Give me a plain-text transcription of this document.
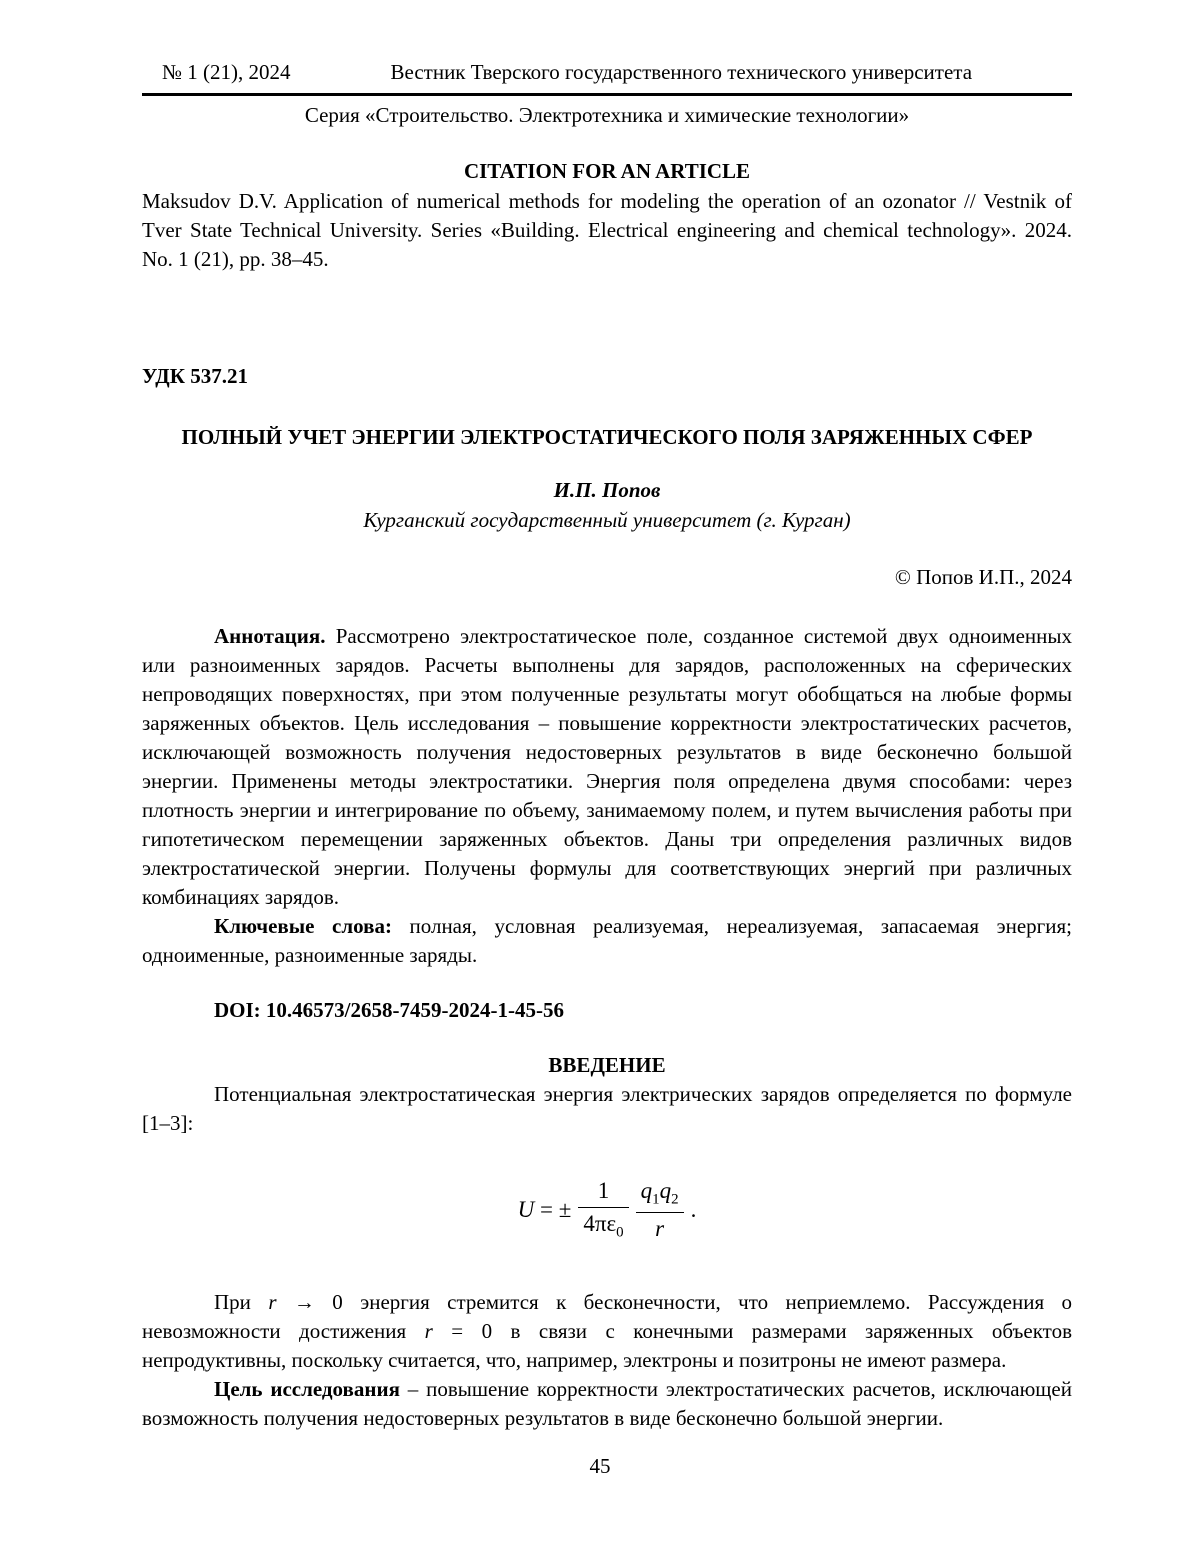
№ 1 (21), 2024	Вестник Тверского государственного технического университета
Серия «Строительство. Электротехника и химические технологии»
CITATION FOR AN ARTICLE
Maksudov D.V. Application of numerical methods for modeling the operation of an ozonator // Vestnik of Tver State Technical University. Series «Building. Electrical engineering and chemical technology». 2024. No. 1 (21), pp. 38–45.
УДК 537.21
ПОЛНЫЙ УЧЕТ ЭНЕРГИИ ЭЛЕКТРОСТАТИЧЕСКОГО ПОЛЯ ЗАРЯЖЕННЫХ СФЕР
И.П. Попов
Курганский государственный университет (г. Курган)
© Попов И.П., 2024
Аннотация. Рассмотрено электростатическое поле, созданное системой двух одноименных или разноименных зарядов. Расчеты выполнены для зарядов, расположенных на сферических непроводящих поверхностях, при этом полученные результаты могут обобщаться на любые формы заряженных объектов. Цель исследования – повышение корректности электростатических расчетов, исключающей возможность получения недостоверных результатов в виде бесконечно большой энергии. Применены методы электростатики. Энергия поля определена двумя способами: через плотность энергии и интегрирование по объему, занимаемому полем, и путем вычисления работы при гипотетическом перемещении заряженных объектов. Даны три определения различных видов электростатической энергии. Получены формулы для соответствующих энергий при различных комбинациях зарядов.
Ключевые слова: полная, условная реализуемая, нереализуемая, запасаемая энергия; одноименные, разноименные заряды.
DOI: 10.46573/2658-7459-2024-1-45-56
ВВЕДЕНИЕ
Потенциальная электростатическая энергия электрических зарядов определяется по формуле [1–3]:
U = ± $\frac{1}{4\pi\varepsilon_0} \frac{q_1q_2}{r}$ .
При r → 0 энергия стремится к бесконечности, что неприемлемо. Рассуждения о невозможности достижения r = 0 в связи с конечными размерами заряженных объектов непродуктивны, поскольку считается, что, например, электроны и позитроны не имеют размера.
Цель исследования – повышение корректности электростатических расчетов, исключающей возможность получения недостоверных результатов в виде бесконечно большой энергии.
45
